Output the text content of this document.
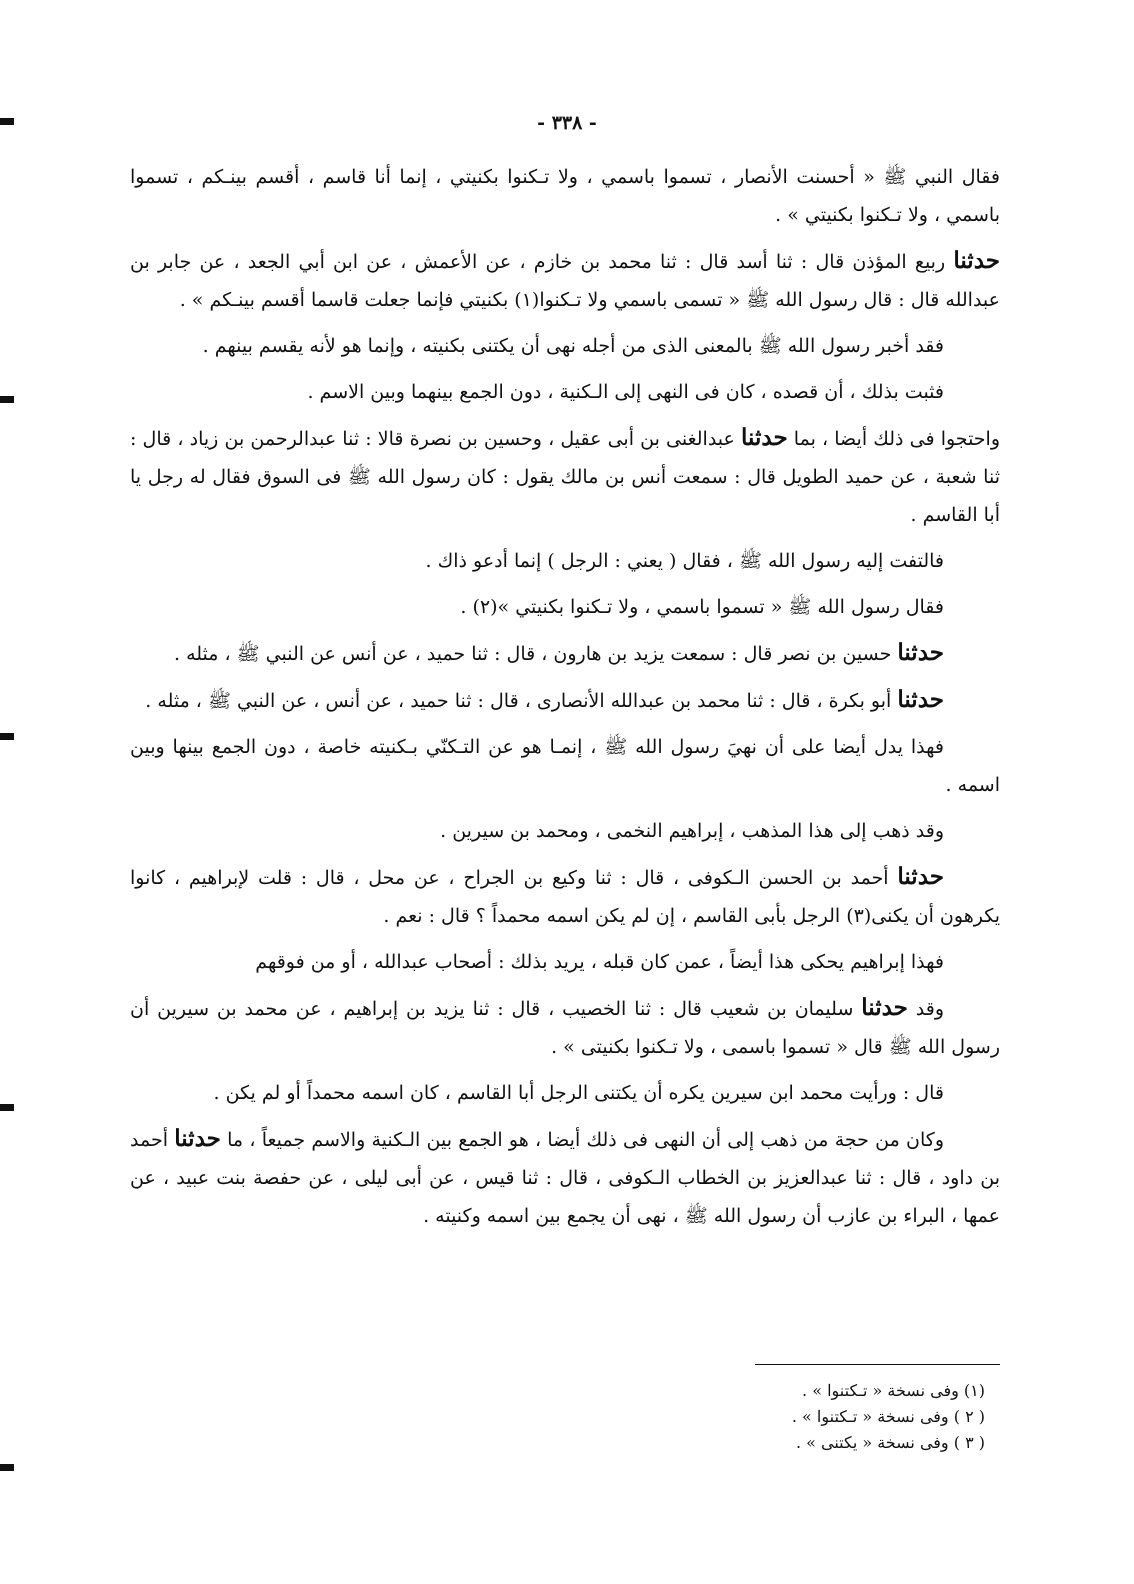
- ٣٣٨ -

فقال النبي ﷺ « أحسنت الأنصار ، تسموا باسمي ، ولا تـكنوا بكنيتي ، إنما أنا قاسم ، أقسم بينـكم ، تسموا باسمي ، ولا تـكنوا بكنيتي » .

حدثنا ربيع المؤذن قال : ثنا أسد قال : ثنا محمد بن خازم ، عن الأعمش ، عن ابن أبي الجعد ، عن جابر بن عبدالله قال : قال رسول الله ﷺ « تسمى باسمي ولا تـكنوا(١) بكنيتي فإنما جعلت قاسما أقسم بينـكم » .

فقد أخبر رسول الله ﷺ بالمعنى الذى من أجله نهى أن يكتنى بكنيته ، وإنما هو لأنه يقسم بينهم .

فثبت بذلك ، أن قصده ، كان فى النهى إلى الـكنية ، دون الجمع بينهما وبين الاسم .

واحتجوا فى ذلك أيضا ، بما حدثنا عبدالغنى بن أبى عقيل ، وحسين بن نصرة قالا : ثنا عبدالرحمن بن زياد ، قال : ثنا شعبة ، عن حميد الطويل قال : سمعت أنس بن مالك يقول : كان رسول الله ﷺ فى السوق فقال له رجل يا أبا القاسم .

فالتفت إليه رسول الله ﷺ ، فقال ( يعني : الرجل ) إنما أدعو ذاك .

فقال رسول الله ﷺ « تسموا باسمي ، ولا تـكنوا بكنيتي »(٢) .

حدثنا حسين بن نصر قال : سمعت يزيد بن هارون ، قال : ثنا حميد ، عن أنس عن النبي ﷺ ، مثله .

حدثنا أبو بكرة ، قال : ثنا محمد بن عبدالله الأنصارى ، قال : ثنا حميد ، عن أنس ، عن النبي ﷺ ، مثله .

فهذا يدل أيضا على أن نهيَ رسول الله ﷺ ، إنمـا هو عن التـكنّي بـكنيته خاصة ، دون الجمع بينها وبين اسمه .

وقد ذهب إلى هذا المذهب ، إبراهيم النخمى ، ومحمد بن سيرين .

حدثنا أحمد بن الحسن الـكوفى ، قال : ثنا وكيع بن الجراح ، عن محل ، قال : قلت لإبراهيم ، كانوا يكرهون أن يكنى(٣) الرجل بأبى القاسم ، إن لم يكن اسمه محمداً ؟ قال : نعم .

فهذا إبراهيم يحكى هذا أيضاً ، عمن كان قبله ، يريد بذلك : أصحاب عبدالله ، أو من فوقهم

وقد حدثنا سليمان بن شعيب قال : ثنا الخصيب ، قال : ثنا يزيد بن إبراهيم ، عن محمد بن سيرين أن رسول الله ﷺ قال « تسموا باسمى ، ولا تـكنوا بكنيتى » .

قال : ورأيت محمد ابن سيرين يكره أن يكتنى الرجل أبا القاسم ، كان اسمه محمداً أو لم يكن .

وكان من حجة من ذهب إلى أن النهى فى ذلك أيضا ، هو الجمع بين الـكنية والاسم جميعاً ، ما حدثنا أحمد بن داود ، قال : ثنا عبدالعزيز بن الخطاب الـكوفى ، قال : ثنا قيس ، عن أبى ليلى ، عن حفصة بنت عبيد ، عن عمها ، البراء بن عازب أن رسول الله ﷺ ، نهى أن يجمع بين اسمه وكنيته .

(١) وفى نسخة « تـكتنوا » .
( ٢ ) وفى نسخة « تـكتنوا » .
( ٣ ) وفى نسخة « يكتنى » .
